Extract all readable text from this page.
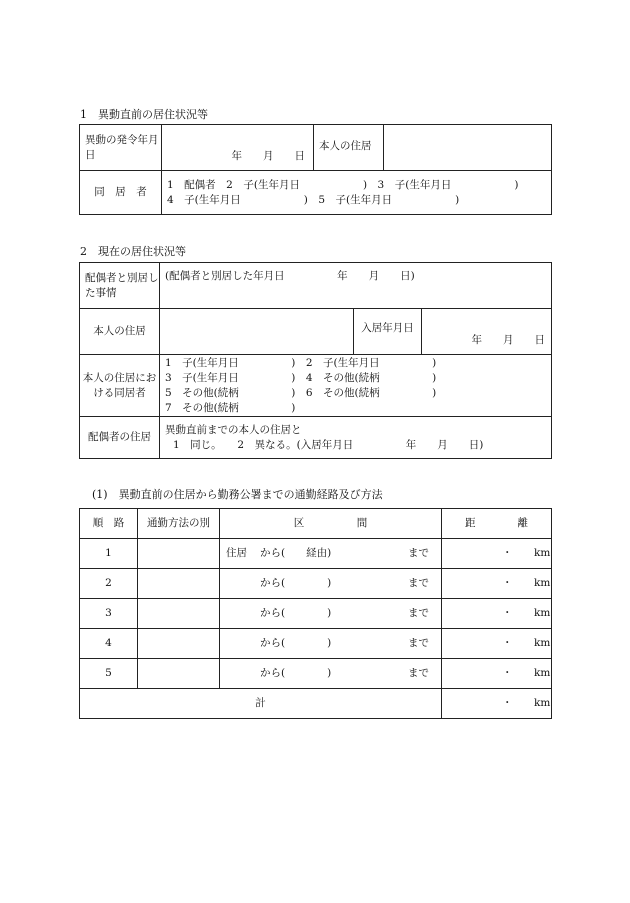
1　異動直前の居住状況等
異動の発令年月日	年　　月　　日	本人の住居	
同　居　者	1　配偶者　2　子(生年月日　　　　　　)　3　子(生年月日　　　　　　)
4　子(生年月日　　　　　　)　5　子(生年月日　　　　　　)		
2　現在の居住状況等
配偶者と別居した事情	(配偶者と別居した年月日　　　　　年　　月　　日)		

本人の住居		入居年月日	年　　月　　日

本人の住居における同居者	1　子(生年月日　　　　　)　2　子(生年月日　　　　　)
3　子(生年月日　　　　　)　4　その他(続柄　　　　　)
5　その他(続柄　　　　　)　6　その他(続柄　　　　　)
7　その他(続柄　　　　　)		

配偶者の住居	異動直前までの本人の住居と
1　同じ。　　2　異なる。(入居年月日　　　　　年　　月　　日)		
(1)　異動直前の住居から勤務公署までの通勤経路及び方法
順　路	通勤方法の別	区　　　　　間	距　　　　離
1		住居 から(　　経由) まで	・ km

2		から(　　　　) まで	・ km

3		から(　　　　) まで	・ km

4		から(　　　　) まで	・ km

5		から(　　　　) まで	・ km

計			・ km
